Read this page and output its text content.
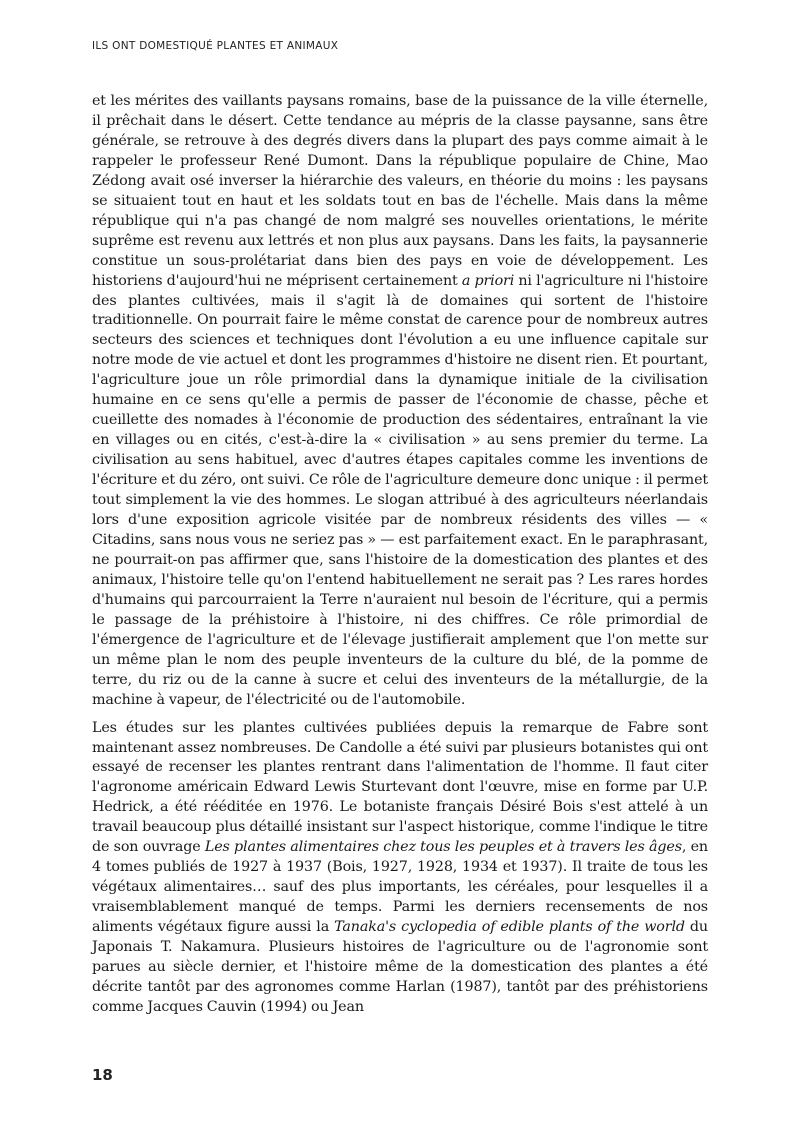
ILS ONT DOMESTIQUÉ PLANTES ET ANIMAUX

et les mérites des vaillants paysans romains, base de la puissance de la ville éternelle, il prêchait dans le désert. Cette tendance au mépris de la classe paysanne, sans être générale, se retrouve à des degrés divers dans la plupart des pays comme aimait à le rappeler le professeur René Dumont. Dans la république populaire de Chine, Mao Zédong avait osé inverser la hiérarchie des valeurs, en théorie du moins : les paysans se situaient tout en haut et les soldats tout en bas de l'échelle. Mais dans la même république qui n'a pas changé de nom malgré ses nouvelles orientations, le mérite suprême est revenu aux lettrés et non plus aux paysans. Dans les faits, la paysannerie constitue un sous-prolétariat dans bien des pays en voie de développement. Les historiens d'aujourd'hui ne méprisent certainement a priori ni l'agriculture ni l'histoire des plantes cultivées, mais il s'agit là de domaines qui sortent de l'histoire traditionnelle. On pourrait faire le même constat de carence pour de nombreux autres secteurs des sciences et techniques dont l'évolution a eu une influence capitale sur notre mode de vie actuel et dont les programmes d'histoire ne disent rien. Et pourtant, l'agriculture joue un rôle primordial dans la dynamique initiale de la civilisation humaine en ce sens qu'elle a permis de passer de l'économie de chasse, pêche et cueillette des nomades à l'économie de production des sédentaires, entraînant la vie en villages ou en cités, c'est-à-dire la « civilisation » au sens premier du terme. La civilisation au sens habituel, avec d'autres étapes capitales comme les inventions de l'écriture et du zéro, ont suivi. Ce rôle de l'agriculture demeure donc unique : il permet tout simplement la vie des hommes. Le slogan attribué à des agriculteurs néerlandais lors d'une exposition agricole visitée par de nombreux résidents des villes — « Citadins, sans nous vous ne seriez pas » — est parfaitement exact. En le paraphrasant, ne pourrait-on pas affirmer que, sans l'histoire de la domestication des plantes et des animaux, l'histoire telle qu'on l'entend habituellement ne serait pas ? Les rares hordes d'humains qui parcourraient la Terre n'auraient nul besoin de l'écriture, qui a permis le passage de la préhistoire à l'histoire, ni des chiffres. Ce rôle primordial de l'émergence de l'agriculture et de l'élevage justifierait amplement que l'on mette sur un même plan le nom des peuple inventeurs de la culture du blé, de la pomme de terre, du riz ou de la canne à sucre et celui des inventeurs de la métallurgie, de la machine à vapeur, de l'électricité ou de l'automobile.

Les études sur les plantes cultivées publiées depuis la remarque de Fabre sont maintenant assez nombreuses. De Candolle a été suivi par plusieurs botanistes qui ont essayé de recenser les plantes rentrant dans l'alimentation de l'homme. Il faut citer l'agronome américain Edward Lewis Sturtevant dont l'œuvre, mise en forme par U.P. Hedrick, a été rééditée en 1976. Le botaniste français Désiré Bois s'est attelé à un travail beaucoup plus détaillé insistant sur l'aspect historique, comme l'indique le titre de son ouvrage Les plantes alimentaires chez tous les peuples et à travers les âges, en 4 tomes publiés de 1927 à 1937 (Bois, 1927, 1928, 1934 et 1937). Il traite de tous les végétaux alimentaires… sauf des plus importants, les céréales, pour lesquelles il a vraisemblablement manqué de temps. Parmi les derniers recensements de nos aliments végétaux figure aussi la Tanaka's cyclopedia of edible plants of the world du Japonais T. Nakamura. Plusieurs histoires de l'agriculture ou de l'agronomie sont parues au siècle dernier, et l'histoire même de la domestication des plantes a été décrite tantôt par des agronomes comme Harlan (1987), tantôt par des préhistoriens comme Jacques Cauvin (1994) ou Jean

18
